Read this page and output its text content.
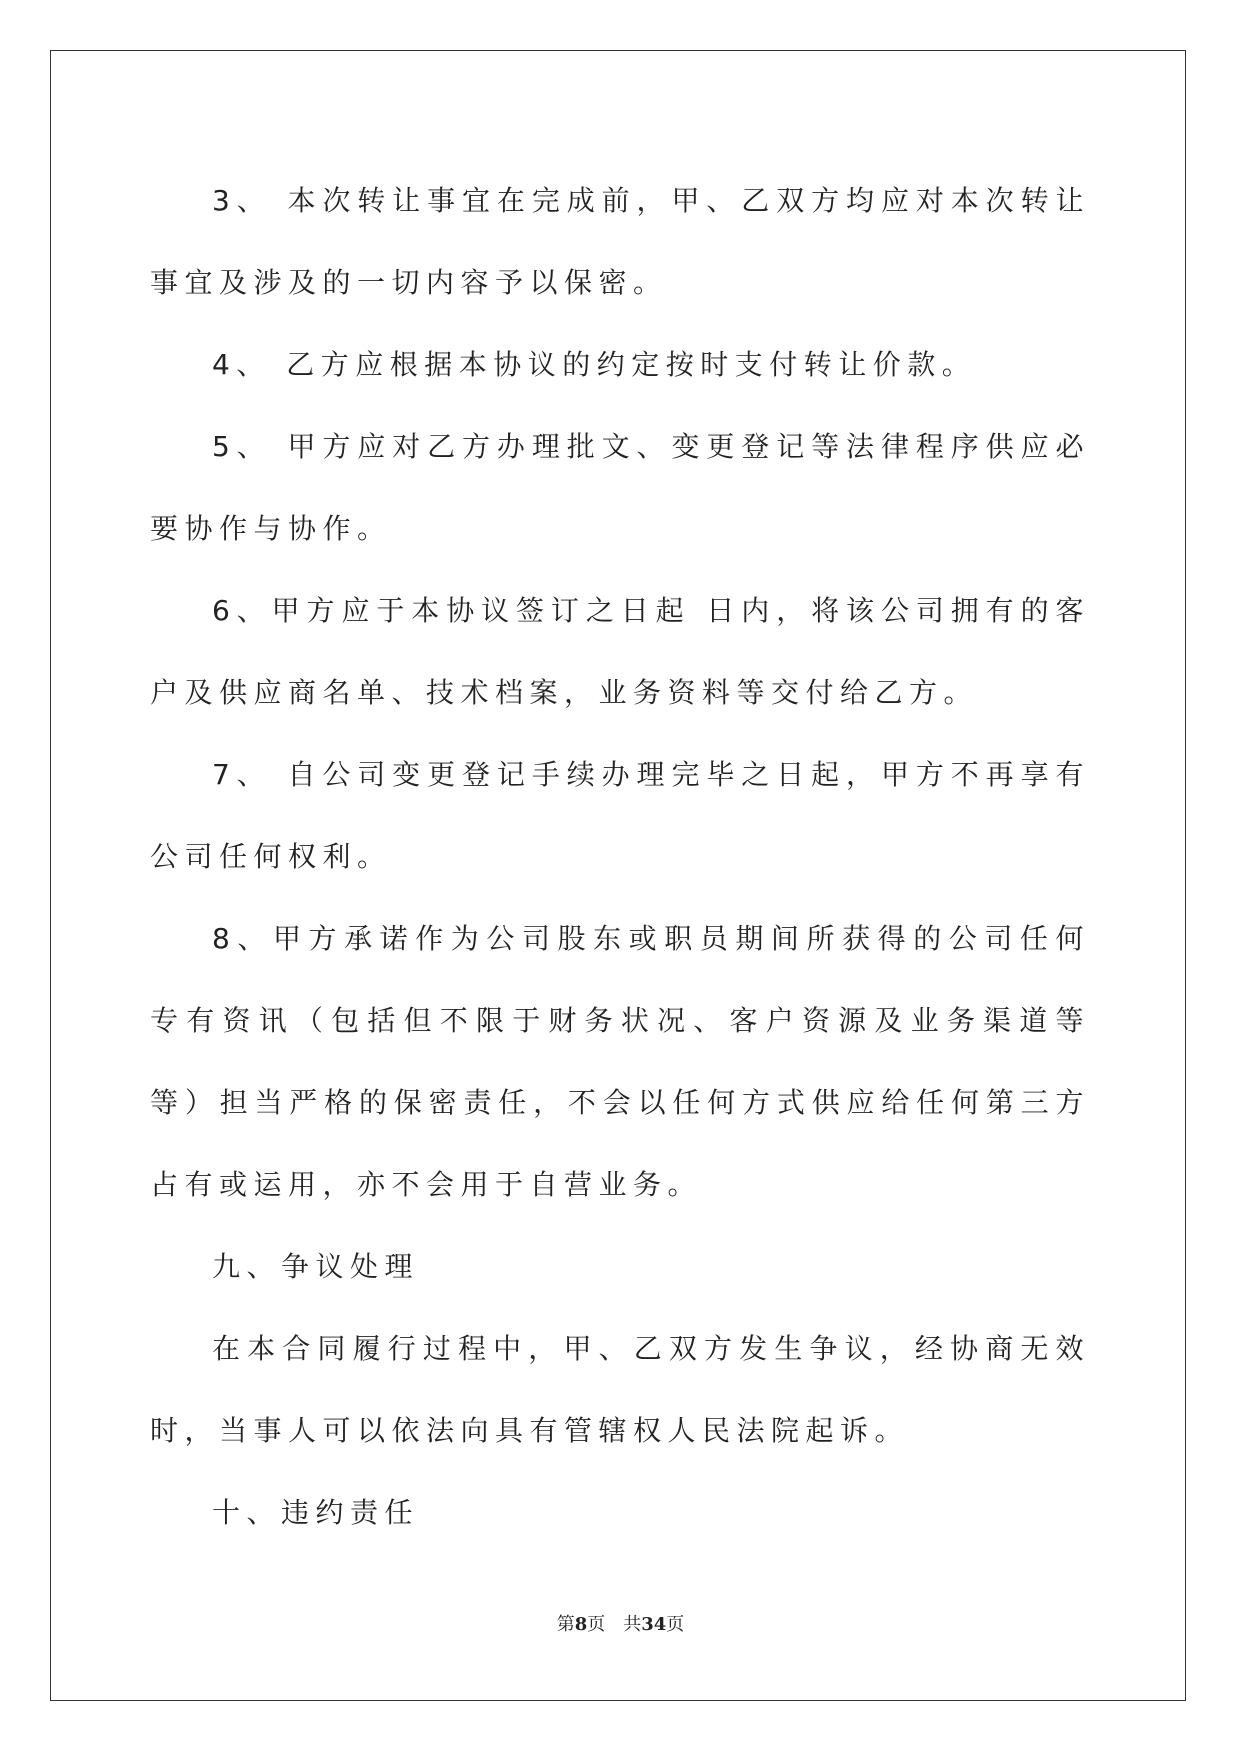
3、 本次转让事宜在完成前，甲、乙双方均应对本次转让事宜及涉及的一切内容予以保密。

4、 乙方应根据本协议的约定按时支付转让价款。

5、 甲方应对乙方办理批文、变更登记等法律程序供应必要协作与协作。

6、甲方应于本协议签订之日起 日内，将该公司拥有的客户及供应商名单、技术档案，业务资料等交付给乙方。

7、 自公司变更登记手续办理完毕之日起，甲方不再享有公司任何权利。

8、甲方承诺作为公司股东或职员期间所获得的公司任何专有资讯（包括但不限于财务状况、客户资源及业务渠道等等）担当严格的保密责任，不会以任何方式供应给任何第三方占有或运用，亦不会用于自营业务。

九、争议处理

在本合同履行过程中，甲、乙双方发生争议，经协商无效时，当事人可以依法向具有管辖权人民法院起诉。

十、违约责任

第8页 共34页
